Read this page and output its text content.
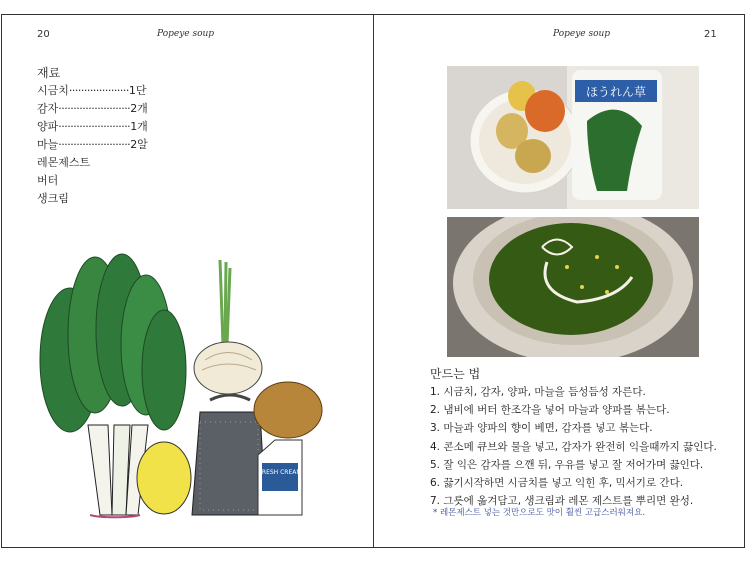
20	Popeye soup
재료
시금치····················1단
감자························2개
양파························1개
마늘························2알
레몬제스트
버터
생크림
FRESH CREAM
Popeye soup	21
ほうれん草
만드는 법
1. 시금치, 감자, 양파, 마늘을 듬성듬성 자른다.
2. 냄비에 버터 한조각을 넣어 마늘과 양파를 볶는다.
3. 마늘과 양파의 향이 베면, 감자를 넣고 볶는다.
4. 콘소메 큐브와 물을 넣고, 감자가 완전히 익을때까지 끓인다.
5. 잘 익은 감자를 으깬 뒤, 우유를 넣고 잘 저어가며 끓인다.
6. 끓기시작하면 시금치를 넣고 익힌 후, 믹서기로 간다.
7. 그릇에 옮겨담고, 생크림과 레몬 제스트를 뿌리면 완성.
* 레몬제스트 넣는 것만으로도 맛이 훨씬 고급스러워져요.
